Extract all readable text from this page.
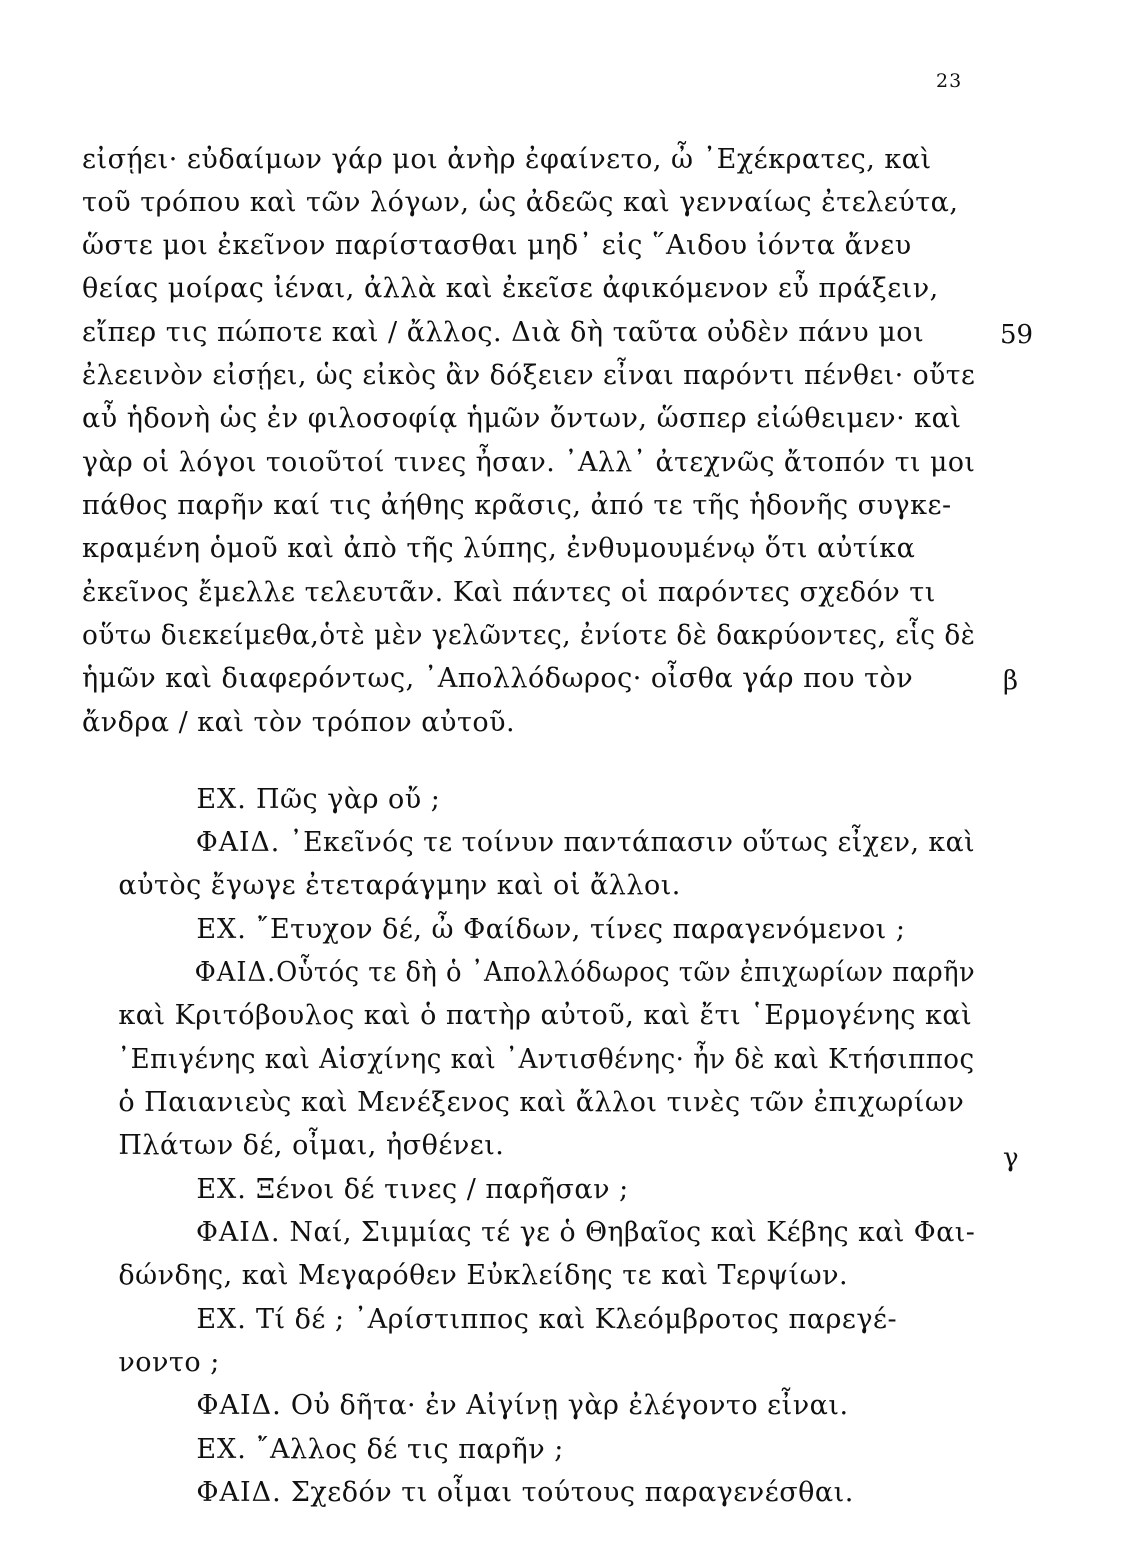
23
εἰσῄει· εὐδαίμων γάρ μοι ἀνὴρ ἐφαίνετο, ὦ ᾿Εχέκρατες, καὶ
τοῦ τρόπου καὶ τῶν λόγων, ὡς ἀδεῶς καὶ γενναίως ἐτελεύτα,
ὥστε μοι ἐκεῖνον παρίστασθαι μηδ᾿ εἰς ῞Αιδου ἰόντα ἄνευ
θείας μοίρας ἰέναι, ἀλλὰ καὶ ἐκεῖσε ἀφικόμενον εὖ πράξειν,
εἴπερ τις πώποτε καὶ / ἄλλος. Διὰ δὴ ταῦτα οὐδὲν πάνυ μοι
ἐλεεινὸν εἰσῄει, ὡς εἰκὸς ἂν δόξειεν εἶναι παρόντι πένθει· οὔτε
αὖ ἡδονὴ ὡς ἐν φιλοσοφίᾳ ἡμῶν ὄντων, ὥσπερ εἰώθειμεν· καὶ
γὰρ οἱ λόγοι τοιοῦτοί τινες ἦσαν. ᾿Αλλ᾿ ἀτεχνῶς ἄτοπόν τι μοι
πάθος παρῆν καί τις ἀήθης κρᾶσις, ἀπό τε τῆς ἡδονῆς συγκε-
κραμένη ὁμοῦ καὶ ἀπὸ τῆς λύπης, ἐνθυμουμένῳ ὅτι αὐτίκα
ἐκεῖνος ἔμελλε τελευτᾶν. Καὶ πάντες οἱ παρόντες σχεδόν τι
οὕτω διεκείμεθα,ὁτὲ μὲν γελῶντες, ἐνίοτε δὲ δακρύοντες, εἷς δὲ
ἡμῶν καὶ διαφερόντως, ᾿Απολλόδωρος· οἶσθα γάρ που τὸν
ἄνδρα / καὶ τὸν τρόπον αὐτοῦ.

ΕΧ. Πῶς γὰρ οὔ ;

ΦΑΙΔ. ᾿Εκεῖνός τε τοίνυν παντάπασιν οὕτως εἶχεν, καὶ

αὐτὸς ἔγωγε ἐτεταράγμην καὶ οἱ ἄλλοι.

ΕΧ. ῎Ετυχον δέ, ὦ Φαίδων, τίνες παραγενόμενοι ;

ΦΑΙΔ.Οὗτός τε δὴ ὁ ᾿Απολλόδωρος τῶν ἐπιχωρίων παρῆν

καὶ Κριτόβουλος καὶ ὁ πατὴρ αὐτοῦ, καὶ ἔτι ῾Ερμογένης καὶ

᾿Επιγένης καὶ Αἰσχίνης καὶ ᾿Αντισθένης· ἦν δὲ καὶ Κτήσιππος

ὁ Παιανιεὺς καὶ Μενέξενος καὶ ἄλλοι τινὲς τῶν ἐπιχωρίων

Πλάτων δέ, οἶμαι, ἠσθένει.

ΕΧ. Ξένοι δέ τινες / παρῆσαν ;

ΦΑΙΔ. Ναί, Σιμμίας τέ γε ὁ Θηβαῖος καὶ Κέβης καὶ Φαι-

δώνδης, καὶ Μεγαρόθεν Εὐκλείδης τε καὶ Τερψίων.

ΕΧ. Τί δέ ; ᾿Αρίστιππος καὶ Κλεόμβροτος παρεγέ-

νοντο ;

ΦΑΙΔ. Οὐ δῆτα· ἐν Αἰγίνῃ γὰρ ἐλέγοντο εἶναι.

ΕΧ. ῎Αλλος δέ τις παρῆν ;

ΦΑΙΔ. Σχεδόν τι οἶμαι τούτους παραγενέσθαι.

59
β
γ
